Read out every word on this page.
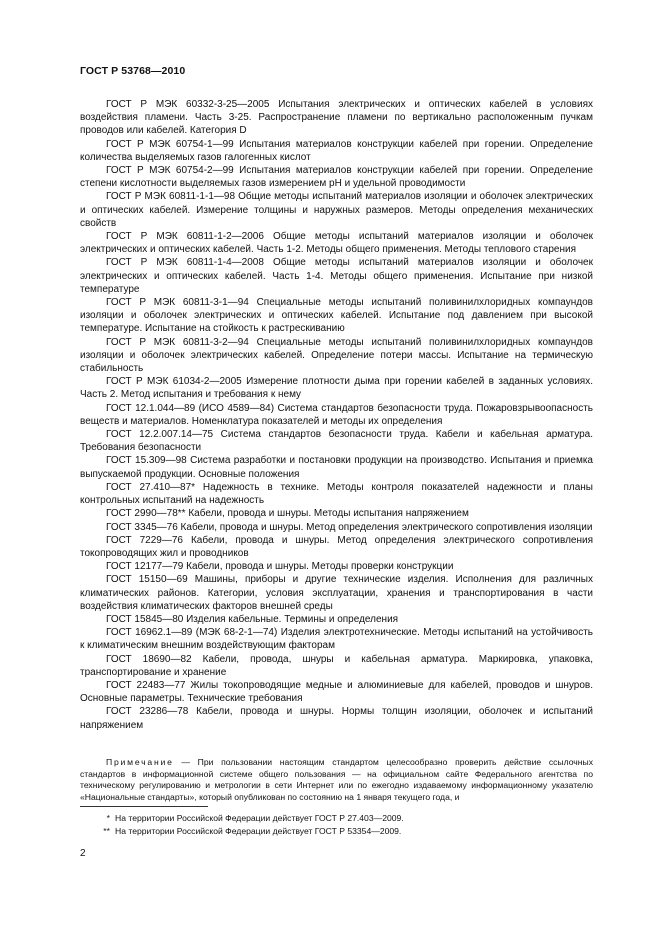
ГОСТ Р 53768—2010

ГОСТ Р МЭК 60332-3-25—2005 Испытания электрических и оптических кабелей в условиях воздействия пламени. Часть 3-25. Распространение пламени по вертикально расположенным пучкам проводов или кабелей. Категория D

ГОСТ Р МЭК 60754-1—99 Испытания материалов конструкции кабелей при горении. Определение количества выделяемых газов галогенных кислот

ГОСТ Р МЭК 60754-2—99 Испытания материалов конструкции кабелей при горении. Определение степени кислотности выделяемых газов измерением pH и удельной проводимости

ГОСТ Р МЭК 60811-1-1—98 Общие методы испытаний материалов изоляции и оболочек электрических и оптических кабелей. Измерение толщины и наружных размеров. Методы определения механических свойств

ГОСТ Р МЭК 60811-1-2—2006 Общие методы испытаний материалов изоляции и оболочек электрических и оптических кабелей. Часть 1-2. Методы общего применения. Методы теплового старения

ГОСТ Р МЭК 60811-1-4—2008 Общие методы испытаний материалов изоляции и оболочек электрических и оптических кабелей. Часть 1-4. Методы общего применения. Испытание при низкой температуре

ГОСТ Р МЭК 60811-3-1—94 Специальные методы испытаний поливинилхлоридных компаундов изоляции и оболочек электрических и оптических кабелей. Испытание под давлением при высокой температуре. Испытание на стойкость к растрескиванию

ГОСТ Р МЭК 60811-3-2—94 Специальные методы испытаний поливинилхлоридных компаундов изоляции и оболочек электрических кабелей. Определение потери массы. Испытание на термическую стабильность

ГОСТ Р МЭК 61034-2—2005 Измерение плотности дыма при горении кабелей в заданных условиях. Часть 2. Метод испытания и требования к нему

ГОСТ 12.1.044—89 (ИСО 4589—84) Система стандартов безопасности труда. Пожаровзрывоопасность веществ и материалов. Номенклатура показателей и методы их определения

ГОСТ 12.2.007.14—75 Система стандартов безопасности труда. Кабели и кабельная арматура. Требования безопасности

ГОСТ 15.309—98 Система разработки и постановки продукции на производство. Испытания и приемка выпускаемой продукции. Основные положения

ГОСТ 27.410—87* Надежность в технике. Методы контроля показателей надежности и планы контрольных испытаний на надежность

ГОСТ 2990—78** Кабели, провода и шнуры. Методы испытания напряжением

ГОСТ 3345—76 Кабели, провода и шнуры. Метод определения электрического сопротивления изоляции

ГОСТ 7229—76 Кабели, провода и шнуры. Метод определения электрического сопротивления токопроводящих жил и проводников

ГОСТ 12177—79 Кабели, провода и шнуры. Методы проверки конструкции

ГОСТ 15150—69 Машины, приборы и другие технические изделия. Исполнения для различных климатических районов. Категории, условия эксплуатации, хранения и транспортирования в части воздействия климатических факторов внешней среды

ГОСТ 15845—80 Изделия кабельные. Термины и определения

ГОСТ 16962.1—89 (МЭК 68-2-1—74) Изделия электротехнические. Методы испытаний на устойчивость к климатическим внешним воздействующим факторам

ГОСТ 18690—82 Кабели, провода, шнуры и кабельная арматура. Маркировка, упаковка, транспортирование и хранение

ГОСТ 22483—77 Жилы токопроводящие медные и алюминиевые для кабелей, проводов и шнуров. Основные параметры. Технические требования

ГОСТ 23286—78 Кабели, провода и шнуры. Нормы толщин изоляции, оболочек и испытаний напряжением

Примечание — При пользовании настоящим стандартом целесообразно проверить действие ссылочных стандартов в информационной системе общего пользования — на официальном сайте Федерального агентства по техническому регулированию и метрологии в сети Интернет или по ежегодно издаваемому информационному указателю «Национальные стандарты», который опубликован по состоянию на 1 января текущего года, и

* На территории Российской Федерации действует ГОСТ Р 27.403—2009.

** На территории Российской Федерации действует ГОСТ Р 53354—2009.

2
